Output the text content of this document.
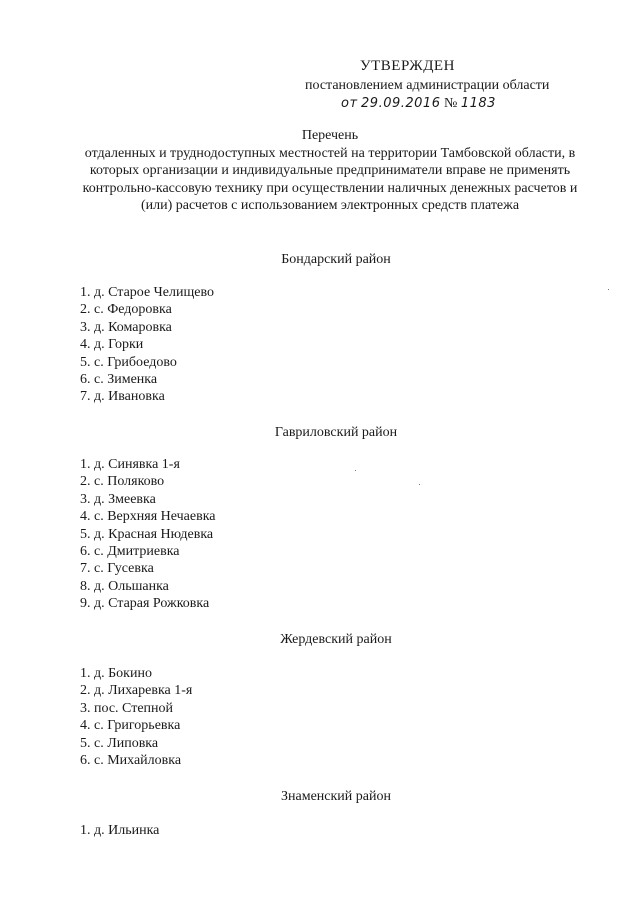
УТВЕРЖДЕН
постановлением администрации области
от 29.09.2016 № 1183
Перечень
отдаленных и труднодоступных местностей на территории Тамбовской области, в которых организации и индивидуальные предприниматели вправе не применять контрольно-кассовую технику при осуществлении наличных денежных расчетов и (или) расчетов с использованием электронных средств платежа
Бондарский район
1. д. Старое Челищево
2. с. Федоровка
3. д. Комаровка
4. д. Горки
5. с. Грибоедово
6. с. Зименка
7. д. Ивановка
Гавриловский район
1. д. Синявка 1-я
2. с. Поляково
3. д. Змеевка
4. с. Верхняя Нечаевка
5. д. Красная Нюдевка
6. с. Дмитриевка
7. с. Гусевка
8. д. Ольшанка
9. д. Старая Рожковка
Жердевский район
1. д. Бокино
2. д. Лихаревка 1-я
3. пос. Степной
4. с. Григорьевка
5. с. Липовка
6. с. Михайловка
Знаменский район
1. д. Ильинка
